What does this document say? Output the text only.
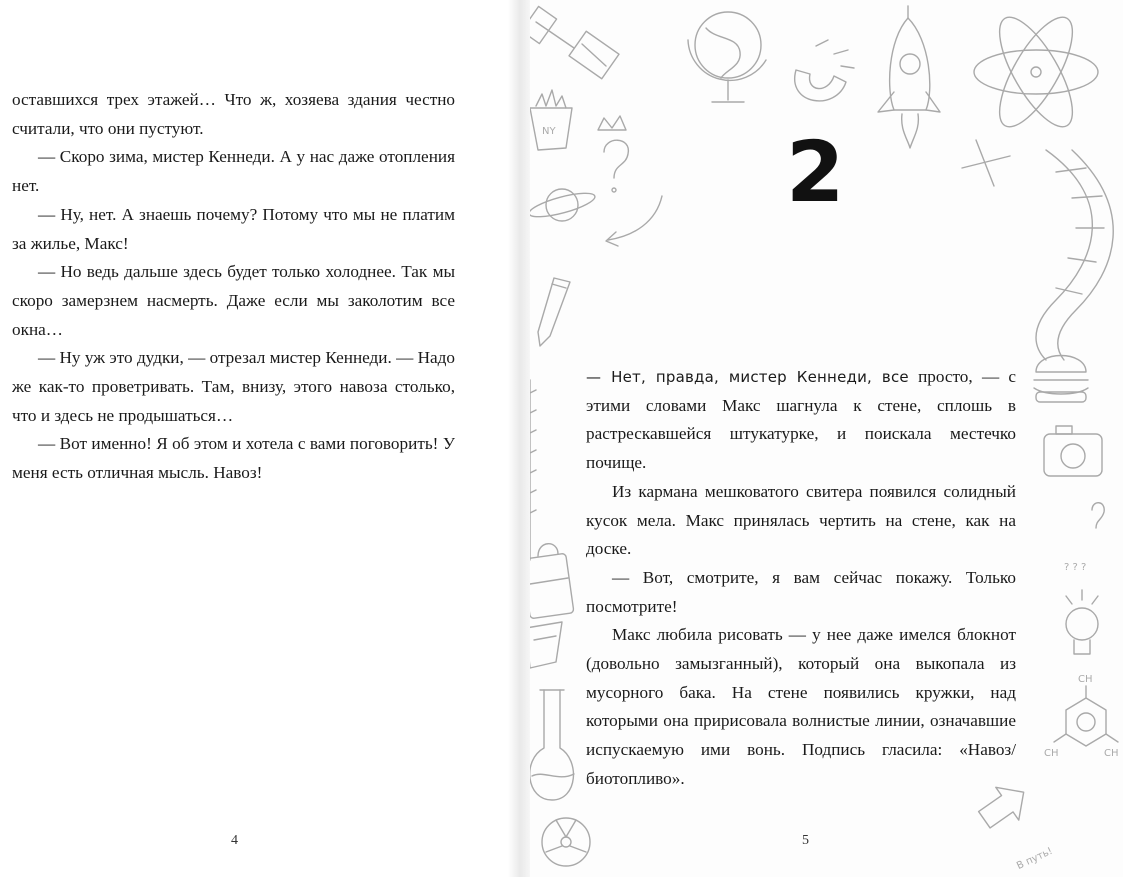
оставшихся трех этажей… Что ж, хозяева здания честно считали, что они пустуют.

— Скоро зима, мистер Кеннеди. А у нас даже отопления нет.

— Ну, нет. А знаешь почему? Потому что мы не платим за жилье, Макс!

— Но ведь дальше здесь будет только холоднее. Так мы скоро замерзнем насмерть. Даже если мы заколотим все окна…

— Ну уж это дудки, — отрезал мистер Кеннеди. — Надо же как-то проветривать. Там, внизу, этого навоза столько, что и здесь не продышаться…

— Вот именно! Я об этом и хотела с вами поговорить! У меня есть отличная мысль. Навоз!

4
NY
? ? ?
CH
CH	CH
В путь!
2

— Нет, правда, мистер Кеннеди, все просто, — с этими словами Макс шагнула к стене, сплошь в растрескавшейся штукатурке, и поискала местечко почище.

Из кармана мешковатого свитера появился солидный кусок мела. Макс принялась чертить на стене, как на доске.

— Вот, смотрите, я вам сейчас покажу. Только посмотрите!

Макс любила рисовать — у нее даже имелся блокнот (довольно замызганный), который она выкопала из мусорного бака. На стене появились кружки, над которыми она пририсовала волнистые линии, означавшие испускаемую ими вонь. Подпись гласила: «Навоз/биотопливо».

5
